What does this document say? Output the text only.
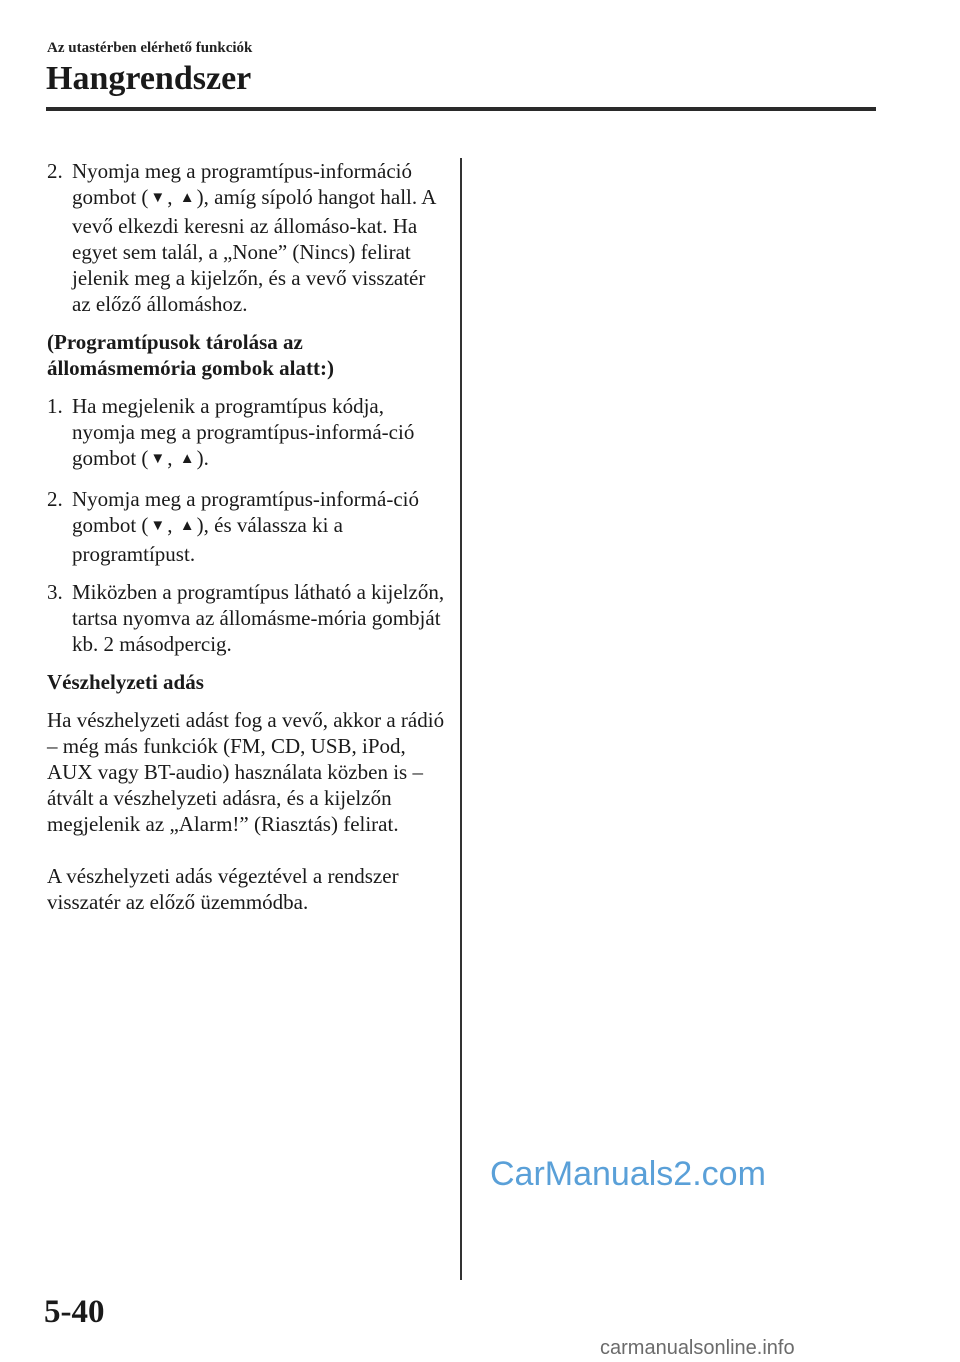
Az utastérben elérhető funkciók
Hangrendszer
2. Nyomja meg a programtípus-információ gombot ( ▼, ▲), amíg sípoló hangot hall. A vevő elkezdi keresni az állomáso-kat. Ha egyet sem talál, a „None” (Nincs) felirat jelenik meg a kijelzőn, és a vevő visszatér az előző állomáshoz.
(Programtípusok tárolása az állomásmemória gombok alatt:)
1. Ha megjelenik a programtípus kódja, nyomja meg a programtípus-informá-ció gombot ( ▼, ▲).
2. Nyomja meg a programtípus-informá-ció gombot ( ▼, ▲), és válassza ki a programtípust.
3. Miközben a programtípus látható a kijelzőn, tartsa nyomva az állomásme-mória gombját kb. 2 másodpercig.
Vészhelyzeti adás
Ha vészhelyzeti adást fog a vevő, akkor a rádió – még más funkciók (FM, CD, USB, iPod, AUX vagy BT-audio) használata közben is – átvált a vészhelyzeti adásra, és a kijelzőn megjelenik az „Alarm!” (Riasztás) felirat.
A vészhelyzeti adás végeztével a rendszer visszatér az előző üzemmódba.
CarManuals2.com
5-40
carmanualsonline.info
